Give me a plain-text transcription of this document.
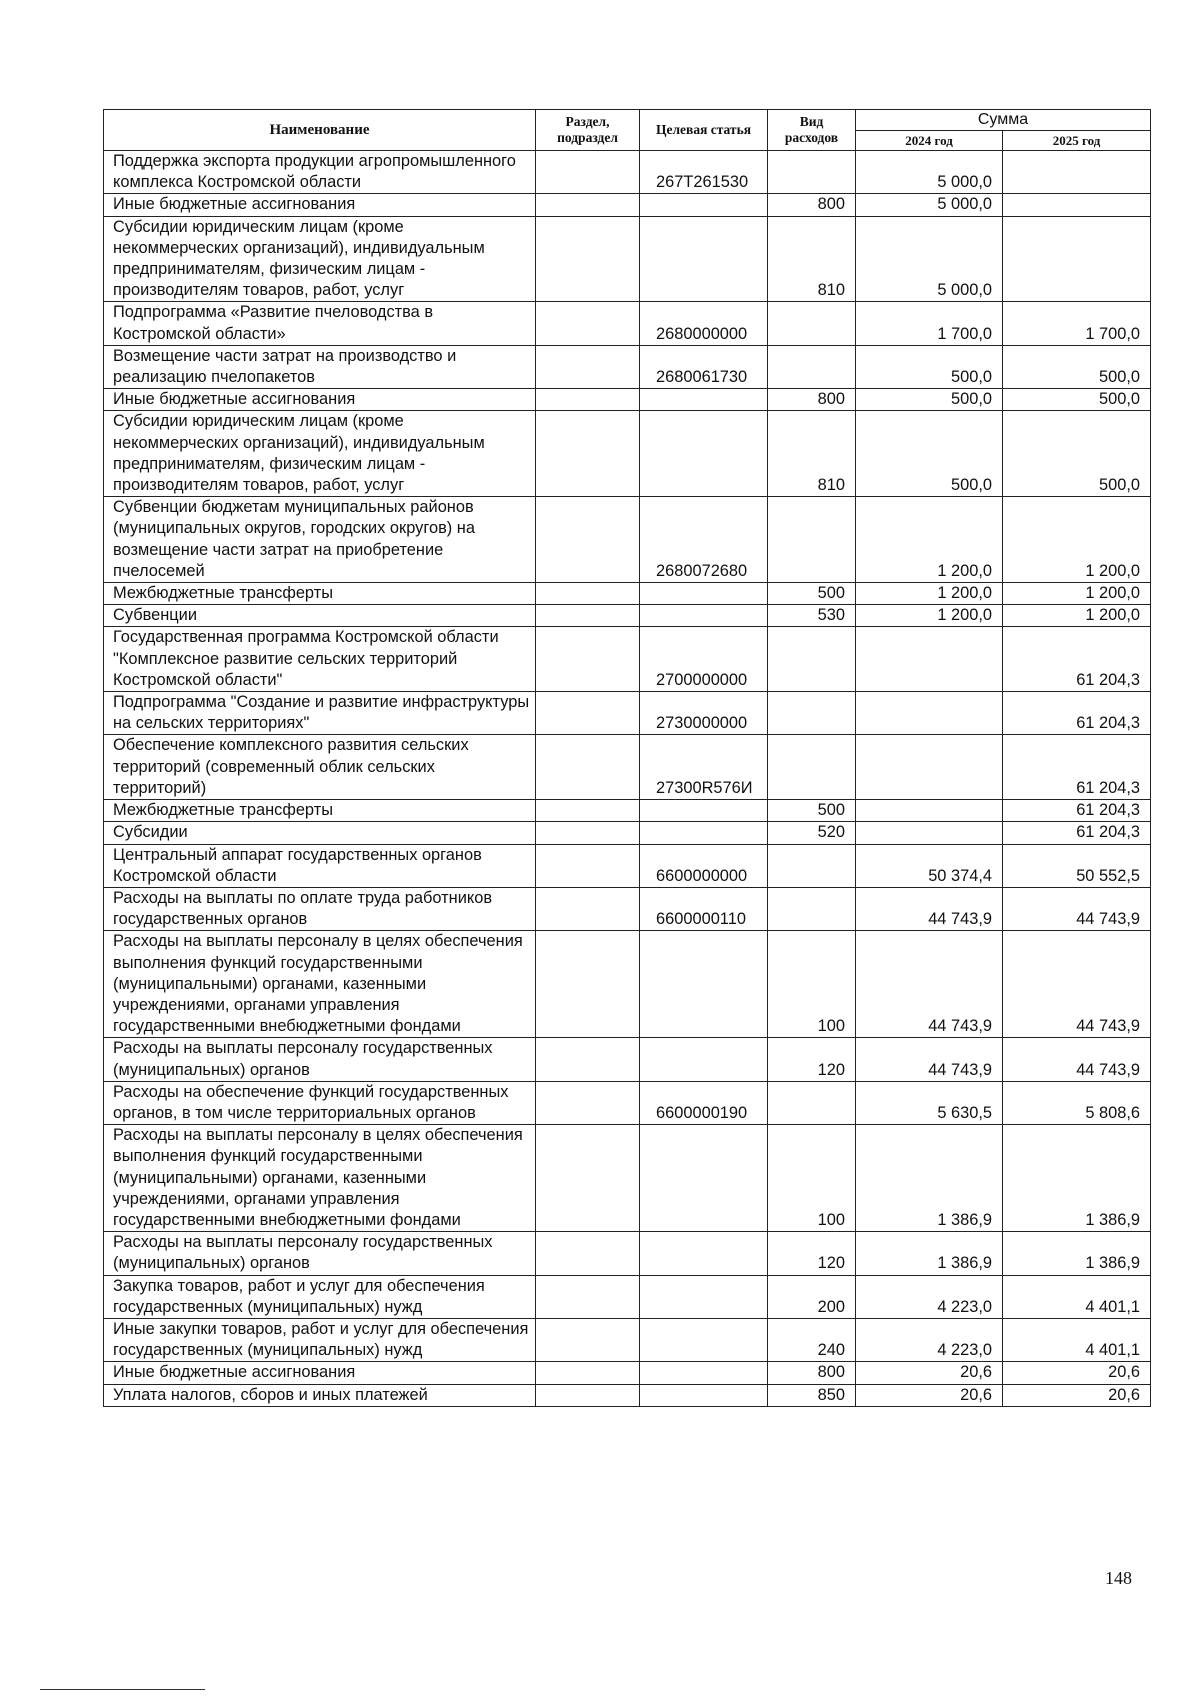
Наименование	Раздел, подраздел	Целевая статья	Вид расходов	Сумма	
				2024 год	2025 год
Поддержка экспорта продукции агропромышленного комплекса Костромской области		267Т261530		5 000,0	
Иные бюджетные ассигнования			800	5 000,0	
Субсидии юридическим лицам (кроме некоммерческих организаций), индивидуальным предпринимателям, физическим лицам - производителям товаров, работ, услуг			810	5 000,0	
Подпрограмма «Развитие пчеловодства в Костромской области»		2680000000		1 700,0	1 700,0
Возмещение части затрат на производство и реализацию пчелопакетов		2680061730		500,0	500,0
Иные бюджетные ассигнования			800	500,0	500,0
Субсидии юридическим лицам (кроме некоммерческих организаций), индивидуальным предпринимателям, физическим лицам - производителям товаров, работ, услуг			810	500,0	500,0
Субвенции бюджетам муниципальных районов (муниципальных округов, городских округов) на возмещение части затрат на приобретение пчелосемей		2680072680		1 200,0	1 200,0
Межбюджетные трансферты			500	1 200,0	1 200,0
Субвенции			530	1 200,0	1 200,0
Государственная программа Костромской области "Комплексное развитие сельских территорий Костромской области"		2700000000			61 204,3
Подпрограмма "Создание и развитие инфраструктуры на сельских территориях"		2730000000			61 204,3
Обеспечение комплексного развития сельских территорий (современный облик сельских территорий)		27300R576И			61 204,3
Межбюджетные трансферты			500		61 204,3
Субсидии			520		61 204,3
Центральный аппарат государственных органов Костромской области		6600000000		50 374,4	50 552,5
Расходы на выплаты по оплате труда работников государственных органов		6600000110		44 743,9	44 743,9
Расходы на выплаты персоналу в целях обеспечения выполнения функций государственными (муниципальными) органами, казенными учреждениями, органами управления государственными внебюджетными фондами			100	44 743,9	44 743,9
Расходы на выплаты персоналу государственных (муниципальных) органов			120	44 743,9	44 743,9
Расходы на обеспечение функций государственных органов, в том числе территориальных органов		6600000190		5 630,5	5 808,6
Расходы на выплаты персоналу в целях обеспечения выполнения функций государственными (муниципальными) органами, казенными учреждениями, органами управления государственными внебюджетными фондами			100	1 386,9	1 386,9
Расходы на выплаты персоналу государственных (муниципальных) органов			120	1 386,9	1 386,9
Закупка товаров, работ и услуг для обеспечения государственных (муниципальных) нужд			200	4 223,0	4 401,1
Иные закупки товаров, работ и услуг для обеспечения государственных (муниципальных) нужд			240	4 223,0	4 401,1
Иные бюджетные ассигнования			800	20,6	20,6
Уплата налогов, сборов и иных платежей			850	20,6	20,6
148
